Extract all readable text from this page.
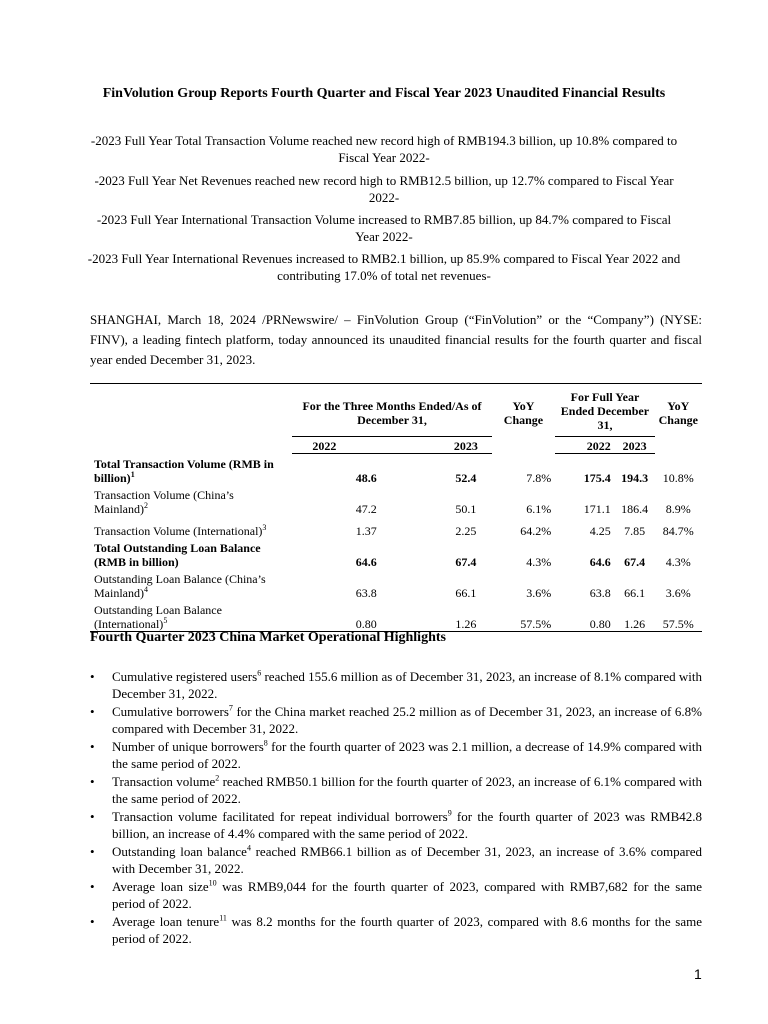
FinVolution Group Reports Fourth Quarter and Fiscal Year 2023 Unaudited Financial Results
-2023 Full Year Total Transaction Volume reached new record high of RMB194.3 billion, up 10.8% compared to Fiscal Year 2022-
-2023 Full Year Net Revenues reached new record high to RMB12.5 billion, up 12.7% compared to Fiscal Year 2022-
-2023 Full Year International Transaction Volume increased to RMB7.85 billion, up 84.7% compared to Fiscal Year 2022-
-2023 Full Year International Revenues increased to RMB2.1 billion, up 85.9% compared to Fiscal Year 2022 and contributing 17.0% of total net revenues-
SHANGHAI, March 18, 2024 /PRNewswire/ – FinVolution Group (“FinVolution” or the “Company”) (NYSE: FINV), a leading fintech platform, today announced its unaudited financial results for the fourth quarter and fiscal year ended December 31, 2023.
	For the Three Months Ended/As of December 31,		YoY Change	For Full Year Ended December 31,		YoY Change
	2022	2023		2022	2023	
Total Transaction Volume (RMB in billion)$^1$	48.6	52.4	7.8%	175.4	194.3	10.8%
Transaction Volume (China’s Mainland)$^2$	47.2	50.1	6.1%	171.1	186.4	8.9%
Transaction Volume (International)$^3$	1.37	2.25	64.2%	4.25	7.85	84.7%
Total Outstanding Loan Balance (RMB in billion)	64.6	67.4	4.3%	64.6	67.4	4.3%
Outstanding Loan Balance (China’s Mainland)$^4$	63.8	66.1	3.6%	63.8	66.1	3.6%
Outstanding Loan Balance (International)$^5$	0.80	1.26	57.5%	0.80	1.26	57.5%
Fourth Quarter 2023 China Market Operational Highlights
• Cumulative registered users$^6$ reached 155.6 million as of December 31, 2023, an increase of 8.1% compared with December 31, 2022.
• Cumulative borrowers$^7$ for the China market reached 25.2 million as of December 31, 2023, an increase of 6.8% compared with December 31, 2022.
• Number of unique borrowers$^8$ for the fourth quarter of 2023 was 2.1 million, a decrease of 14.9% compared with the same period of 2022.
• Transaction volume$^2$ reached RMB50.1 billion for the fourth quarter of 2023, an increase of 6.1% compared with the same period of 2022.
• Transaction volume facilitated for repeat individual borrowers$^9$ for the fourth quarter of 2023 was RMB42.8 billion, an increase of 4.4% compared with the same period of 2022.
• Outstanding loan balance$^4$ reached RMB66.1 billion as of December 31, 2023, an increase of 3.6% compared with December 31, 2022.
• Average loan size$^{10}$ was RMB9,044 for the fourth quarter of 2023, compared with RMB7,682 for the same period of 2022.
• Average loan tenure$^{11}$ was 8.2 months for the fourth quarter of 2023, compared with 8.6 months for the same period of 2022.
1
